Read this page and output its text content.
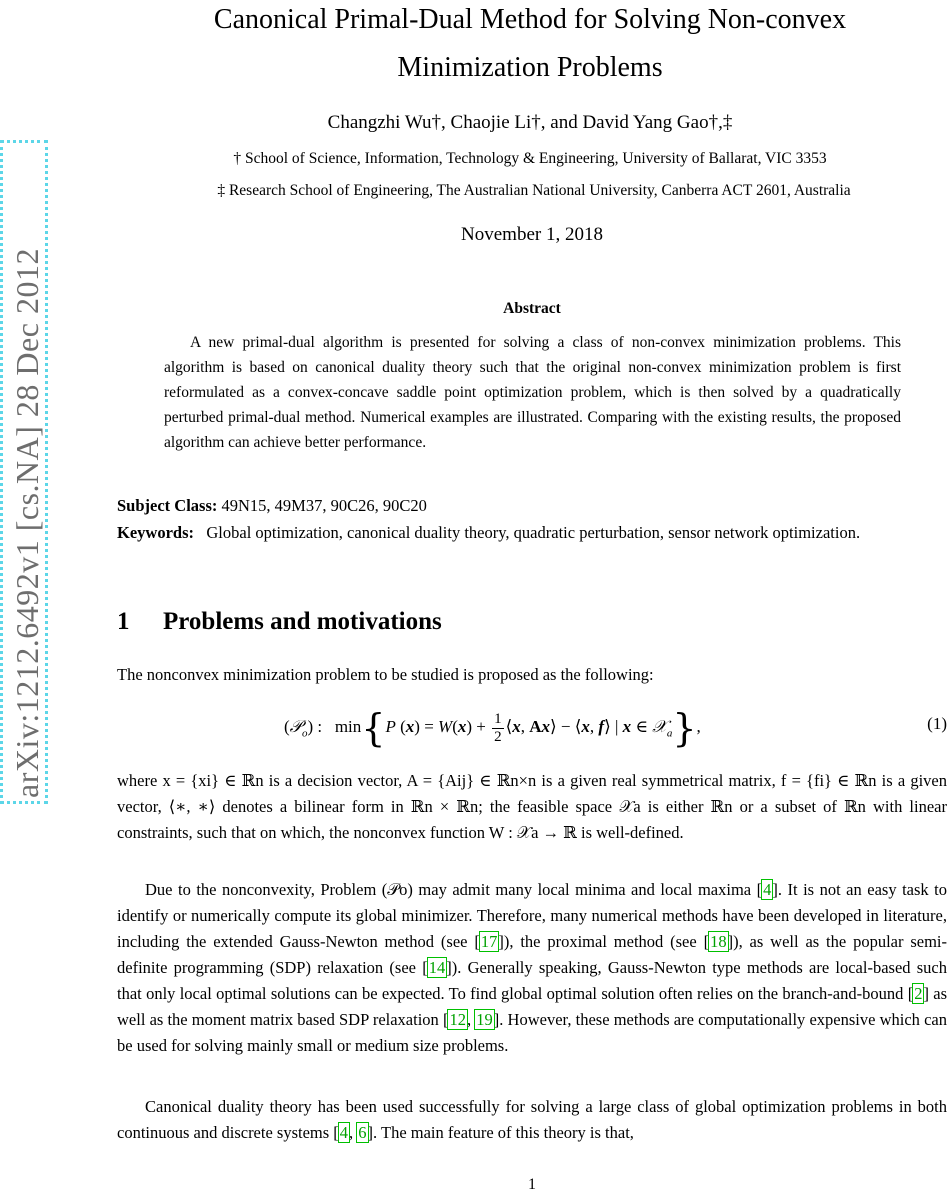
arXiv:1212.6492v1 [cs.NA] 28 Dec 2012
Canonical Primal-Dual Method for Solving Non-convex
Minimization Problems
Changzhi Wu†, Chaojie Li†, and David Yang Gao†,‡
† School of Science, Information, Technology & Engineering, University of Ballarat, VIC 3353
‡ Research School of Engineering, The Australian National University, Canberra ACT 2601, Australia
November 1, 2018
Abstract

A new primal-dual algorithm is presented for solving a class of non-convex minimization problems. This algorithm is based on canonical duality theory such that the original non-convex minimization problem is first reformulated as a convex-concave saddle point optimization problem, which is then solved by a quadratically perturbed primal-dual method. Numerical examples are illustrated. Comparing with the existing results, the proposed algorithm can achieve better performance.

Subject Class: 49N15, 49M37, 90C26, 90C20

Keywords: Global optimization, canonical duality theory, quadratic perturbation, sensor network optimization.

1 Problems and motivations
The nonconvex minimization problem to be studied is proposed as the following:
(𝒫$_o$) :   min{P $(x) = W(x) + \frac{1}{2}$ ⟨x, Ax⟩ − ⟨x, f⟩ | x ∈ 𝒳$_a$},	(1)

where x = {xi} ∈ ℝn is a decision vector, A = {Aij} ∈ ℝn×n is a given real symmetrical matrix, f = {fi} ∈ ℝn is a given vector, ⟨∗, ∗⟩ denotes a bilinear form in ℝn × ℝn; the feasible space 𝒳a is either ℝn or a subset of ℝn with linear constraints, such that on which, the nonconvex function W : 𝒳a → ℝ is well-defined.

Due to the nonconvexity, Problem (𝒫o) may admit many local minima and local maxima [4]. It is not an easy task to identify or numerically compute its global minimizer. Therefore, many numerical methods have been developed in literature, including the extended Gauss-Newton method (see [17]), the proximal method (see [18]), as well as the popular semi-definite programming (SDP) relaxation (see [14]). Generally speaking, Gauss-Newton type methods are local-based such that only local optimal solutions can be expected. To find global optimal solution often relies on the branch-and-bound [2] as well as the moment matrix based SDP relaxation [12, 19]. However, these methods are computationally expensive which can be used for solving mainly small or medium size problems.

Canonical duality theory has been used successfully for solving a large class of global optimization problems in both continuous and discrete systems [4, 6]. The main feature of this theory is that,

1
